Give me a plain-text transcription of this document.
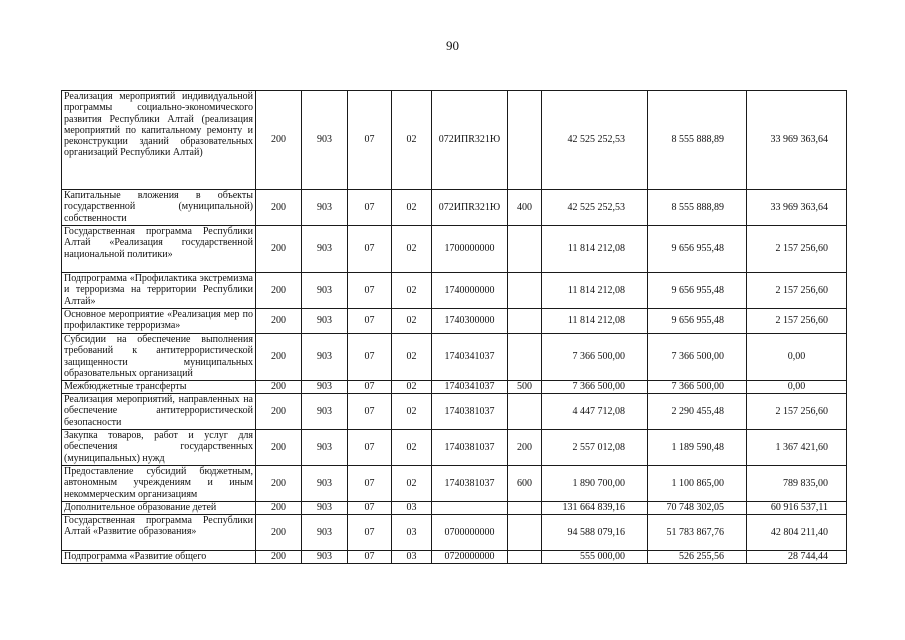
90
Реализация мероприятий индивидуальной программы социально-экономического развития Республики Алтай (реализация мероприятий по капитальному ремонту и реконструкции зданий образовательных организаций Республики Алтай)	200	903	07	02	072ИПR321Ю		42 525 252,53	8 555 888,89	33 969 363,64
Капитальные вложения в объекты государственной (муниципальной) собственности	200	903	07	02	072ИПR321Ю	400	42 525 252,53	8 555 888,89	33 969 363,64
Государственная программа Республики Алтай «Реализация государственной национальной политики»	200	903	07	02	1700000000		11 814 212,08	9 656 955,48	2 157 256,60
Подпрограмма «Профилактика экстремизма и терроризма на территории Республики Алтай»	200	903	07	02	1740000000		11 814 212,08	9 656 955,48	2 157 256,60
Основное мероприятие «Реализация мер по профилактике терроризма»	200	903	07	02	1740300000		11 814 212,08	9 656 955,48	2 157 256,60
Субсидии на обеспечение выполнения требований к антитеррористической защищенности муниципальных образовательных организаций	200	903	07	02	1740341037		7 366 500,00	7 366 500,00	0,00
Межбюджетные трансферты	200	903	07	02	1740341037	500	7 366 500,00	7 366 500,00	0,00
Реализация мероприятий, направленных на обеспечение антитеррористической безопасности	200	903	07	02	1740381037		4 447 712,08	2 290 455,48	2 157 256,60
Закупка товаров, работ и услуг для обеспечения государственных (муниципальных) нужд	200	903	07	02	1740381037	200	2 557 012,08	1 189 590,48	1 367 421,60
Предоставление субсидий бюджетным, автономным учреждениям и иным некоммерческим организациям	200	903	07	02	1740381037	600	1 890 700,00	1 100 865,00	789 835,00
Дополнительное образование детей	200	903	07	03			131 664 839,16	70 748 302,05	60 916 537,11
Государственная программа Республики Алтай «Развитие образования»	200	903	07	03	0700000000		94 588 079,16	51 783 867,76	42 804 211,40
Подпрограмма «Развитие общего	200	903	07	03	0720000000		555 000,00	526 255,56	28 744,44
